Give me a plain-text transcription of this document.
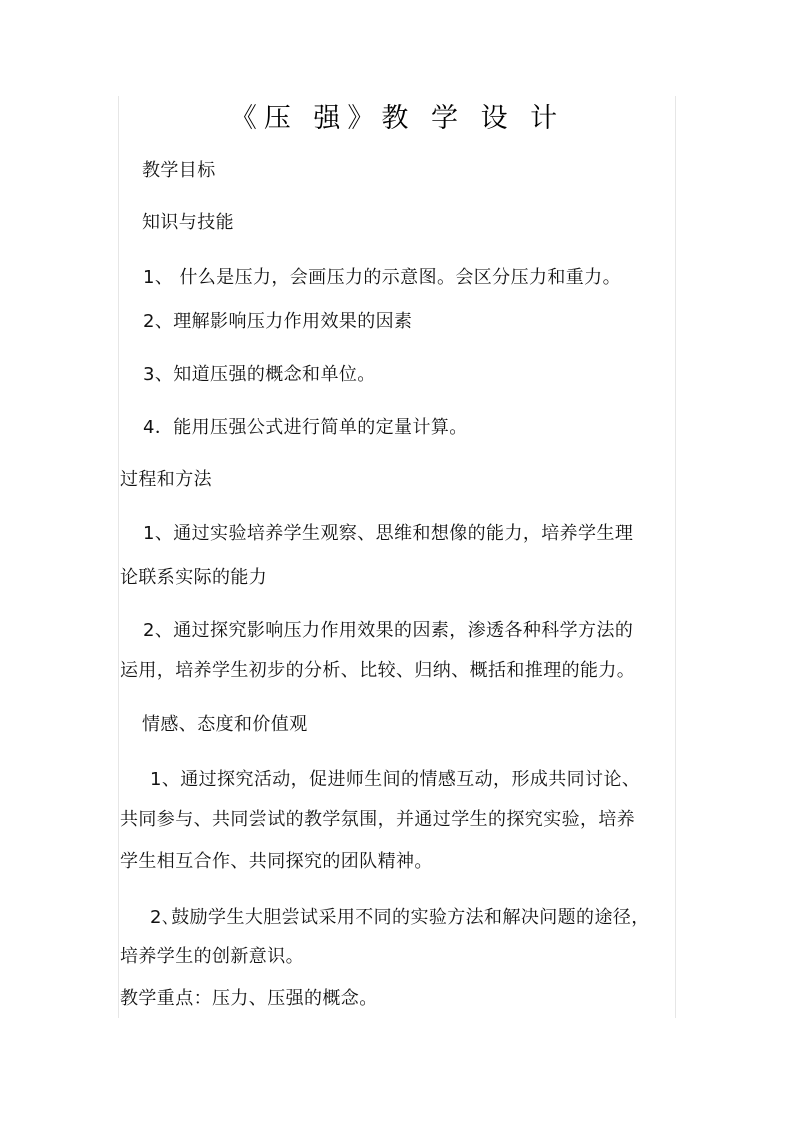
《压 强》教 学 设 计
教学目标
知识与技能
1、 什么是压力，会画压力的示意图。会区分压力和重力。
2、理解影响压力作用效果的因素
3、知道压强的概念和单位。
4．能用压强公式进行简单的定量计算。
过程和方法
1、通过实验培养学生观察、思维和想像的能力，培养学生理
论联系实际的能力
2、通过探究影响压力作用效果的因素，渗透各种科学方法的
运用，培养学生初步的分析、比较、归纳、概括和推理的能力。
情感、态度和价值观
1、通过探究活动，促进师生间的情感互动，形成共同讨论、
共同参与、共同尝试的教学氛围，并通过学生的探究实验，培养
学生相互合作、共同探究的团队精神。
2､鼓励学生大胆尝试采用不同的实验方法和解决问题的途径，
培养学生的创新意识。
教学重点：压力、压强的概念。
